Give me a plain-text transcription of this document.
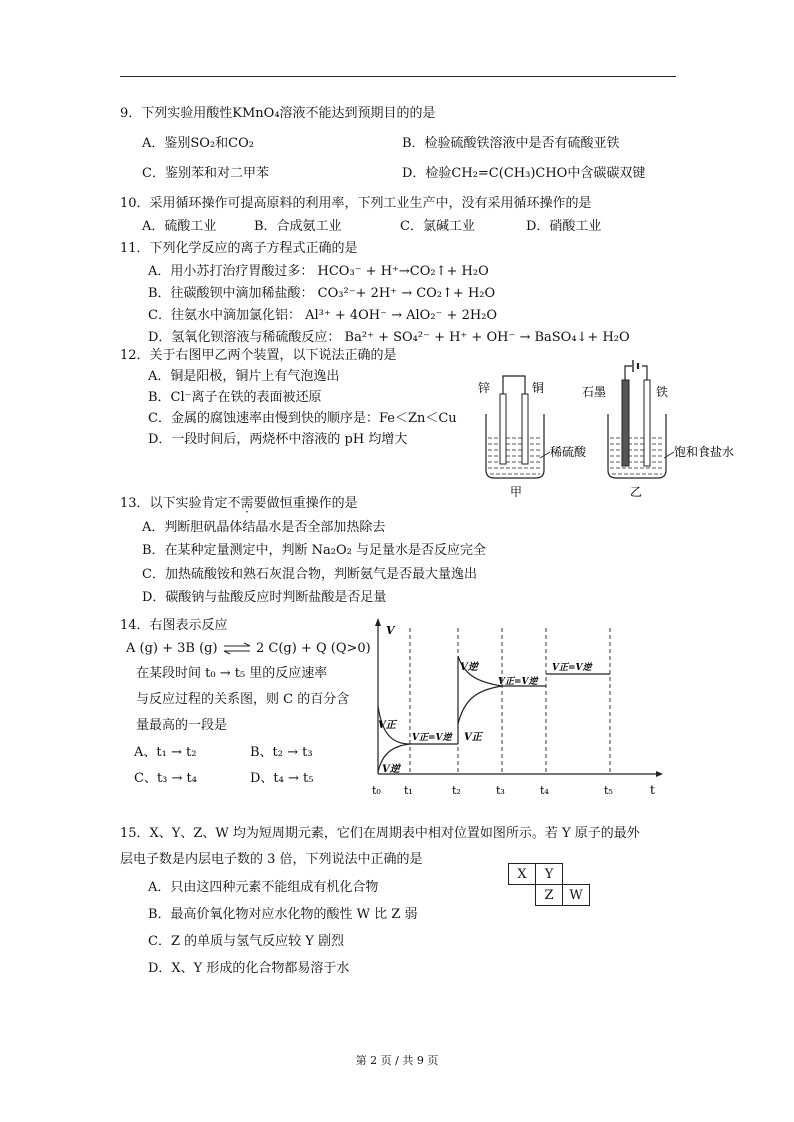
9．下列实验用酸性KMnO₄溶液不能达到预期目的的是
A．鉴别SO₂和CO₂	B．检验硫酸铁溶液中是否有硫酸亚铁
C．鉴别苯和对二甲苯	D．检验CH₂=C(CH₃)CHO中含碳碳双键
10．采用循环操作可提高原料的利用率，下列工业生产中，没有采用循环操作的是
A．硫酸工业	B．合成氨工业	C．氯碱工业	D．硝酸工业
11．下列化学反应的离子方程式正确的是
A．用小苏打治疗胃酸过多： HCO₃⁻ + H⁺→CO₂↑+ H₂O
B．往碳酸钡中滴加稀盐酸： CO₃²⁻+ 2H⁺ → CO₂↑+ H₂O
C．往氨水中滴加氯化铝： Al³⁺ + 4OH⁻ → AlO₂⁻ + 2H₂O
D．氢氧化钡溶液与稀硫酸反应： Ba²⁺ + SO₄²⁻ + H⁺ + OH⁻ → BaSO₄↓+ H₂O
12．关于右图甲乙两个装置，以下说法正确的是
A．铜是阳极，铜片上有气泡逸出
B．Cl⁻离子在铁的表面被还原
C．金属的腐蚀速率由慢到快的顺序是：Fe＜Zn＜Cu
D．一段时间后，两烧杯中溶液的 pH 均增大
锌	铜
稀硫酸
甲
石墨	铁
饱和食盐水
乙
13．以下实验肯定不需要做恒重操作的是
A．判断胆矾晶体结晶水是否全部加热除去
B．在某种定量测定中，判断 Na₂O₂ 与足量水是否反应完全
C．加热硫酸铵和熟石灰混合物，判断氨气是否最大量逸出
D．碳酸钠与盐酸反应时判断盐酸是否足量
14．右图表示反应
A (g) + 3B (g) ⇌ 2 C(g) + Q (Q>0)
在某段时间 t₀ → t₅ 里的反应速率
与反应过程的关系图，则 C 的百分含
量最高的一段是
A、t₁ → t₂	B、t₂ → t₃
C、t₃ → t₄	D、t₄ → t₅
V
t
t₀ t₁	t₂	t₃	t₄	t₅
V正
V逆
V正=V逆
V逆
V正
V正=V逆
V正=V逆
15．X、Y、Z、W 均为短周期元素，它们在周期表中相对位置如图所示。若 Y 原子的最外
层电子数是内层电子数的 3 倍，下列说法中正确的是
A．只由这四种元素不能组成有机化合物
B．最高价氧化物对应水化物的酸性 W 比 Z 弱
C．Z 的单质与氢气反应较 Y 剧烈
D．X、Y 形成的化合物都易溶于水
X	Y	
	Z	W
第 2 页 / 共 9 页
